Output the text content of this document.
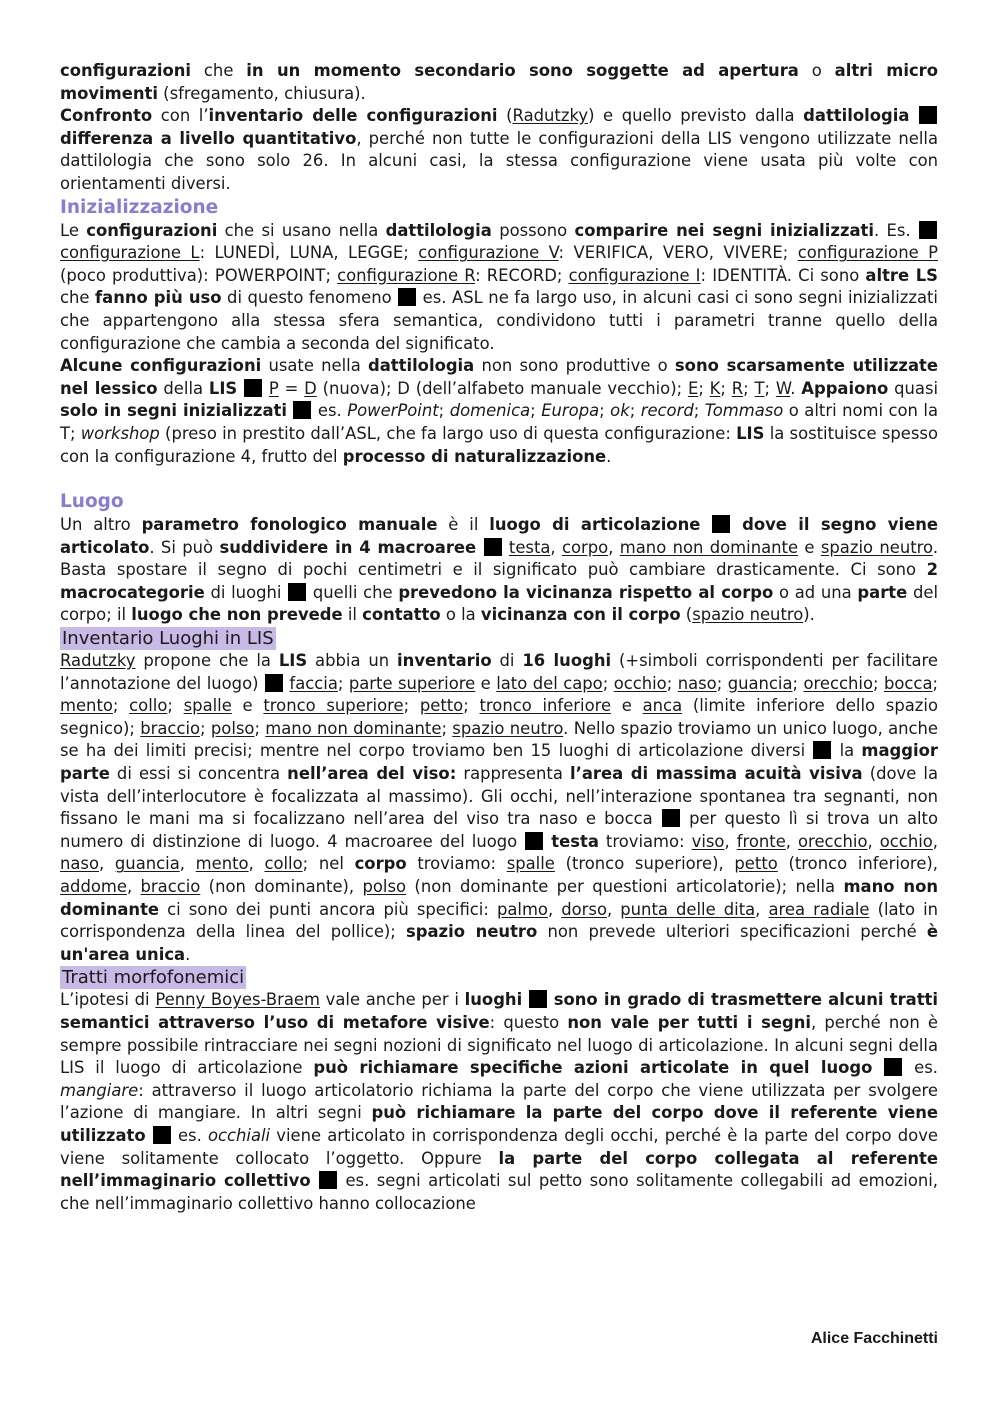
configurazioni che in un momento secondario sono soggette ad apertura o altri micro movimenti (sfregamento, chiusura).

Confronto con l’inventario delle configurazioni (Radutzky) e quello previsto dalla dattilologia  differenza a livello quantitativo, perché non tutte le configurazioni della LIS vengono utilizzate nella dattilologia che sono solo 26. In alcuni casi, la stessa configurazione viene usata più volte con orientamenti diversi.

Inizializzazione

Le configurazioni che si usano nella dattilologia possono comparire nei segni inizializzati. Es.  configurazione L: LUNEDÌ, LUNA, LEGGE; configurazione V: VERIFICA, VERO, VIVERE; configurazione P (poco produttiva): POWERPOINT; configurazione R: RECORD; configurazione I: IDENTITÀ. Ci sono altre LS che fanno più uso di questo fenomeno  es. ASL ne fa largo uso, in alcuni casi ci sono segni inizializzati che appartengono alla stessa sfera semantica, condividono tutti i parametri tranne quello della configurazione che cambia a seconda del significato.

Alcune configurazioni usate nella dattilologia non sono produttive o sono scarsamente utilizzate nel lessico della LIS P = D (nuova); D (dell’alfabeto manuale vecchio); E; K; R; T; W. Appaiono quasi solo in segni inizializzati  es. PowerPoint; domenica; Europa; ok; record; Tommaso o altri nomi con la T; workshop (preso in prestito dall’ASL, che fa largo uso di questa configurazione: LIS la sostituisce spesso con la configurazione 4, frutto del processo di naturalizzazione.

Luogo

Un altro parametro fonologico manuale è il luogo di articolazione	dove il segno viene articolato. Si può suddividere in 4 macroaree testa, corpo, mano non dominante e spazio neutro. Basta spostare il segno di pochi centimetri e il significato può cambiare drasticamente. Ci sono 2 macrocategorie di luoghi  quelli che prevedono la vicinanza rispetto al corpo o ad una parte del corpo; il luogo che non prevede il contatto o la vicinanza con il corpo (spazio neutro).

Inventario Luoghi in LIS

Radutzky propone che la LIS abbia un inventario di 16 luoghi (+simboli corrispondenti per facilitare l’annotazione del luogo)  faccia; parte superiore e lato del capo; occhio; naso; guancia; orecchio; bocca; mento; collo; spalle e tronco superiore; petto; tronco inferiore e anca (limite inferiore dello spazio segnico); braccio; polso; mano non dominante; spazio neutro. Nello spazio troviamo un unico luogo, anche se ha dei limiti precisi; mentre nel corpo troviamo ben 15 luoghi di articolazione diversi  la maggior parte di essi si concentra nell’area del viso: rappresenta l’area di massima acuità visiva (dove la vista dell’interlocutore è focalizzata al massimo). Gli occhi, nell’interazione spontanea tra segnanti, non fissano le mani ma si focalizzano nell’area del viso tra naso e bocca  per questo lì si trova un alto numero di distinzione di luogo. 4 macroaree del luogo  testa troviamo: viso, fronte, orecchio, occhio, naso, guancia, mento, collo; nel corpo troviamo: spalle (tronco superiore), petto (tronco inferiore), addome, braccio (non dominante), polso (non dominante per questioni articolatorie); nella mano non dominante ci sono dei punti ancora più specifici: palmo, dorso, punta delle dita, area radiale (lato in corrispondenza della linea del pollice); spazio neutro non prevede ulteriori specificazioni perché è un'area unica.

Tratti morfofonemici

L’ipotesi di Penny Boyes-Braem vale anche per i luoghi sono in grado di trasmettere alcuni tratti semantici attraverso l’uso di metafore visive: questo non vale per tutti i segni, perché non è sempre possibile rintracciare nei segni nozioni di significato nel luogo di articolazione. In alcuni segni della LIS il luogo di articolazione può richiamare specifiche azioni articolate in quel luogo  es. mangiare: attraverso il luogo articolatorio richiama la parte del corpo che viene utilizzata per svolgere l’azione di mangiare. In altri segni può richiamare la parte del corpo dove il referente viene utilizzato  es. occhiali viene articolato in corrispondenza degli occhi, perché è la parte del corpo dove viene solitamente collocato l’oggetto. Oppure la parte del corpo collegata al referente nell’immaginario collettivo  es. segni articolati sul petto sono solitamente collegabili ad emozioni, che nell’immaginario collettivo hanno collocazione

Alice Facchinetti
